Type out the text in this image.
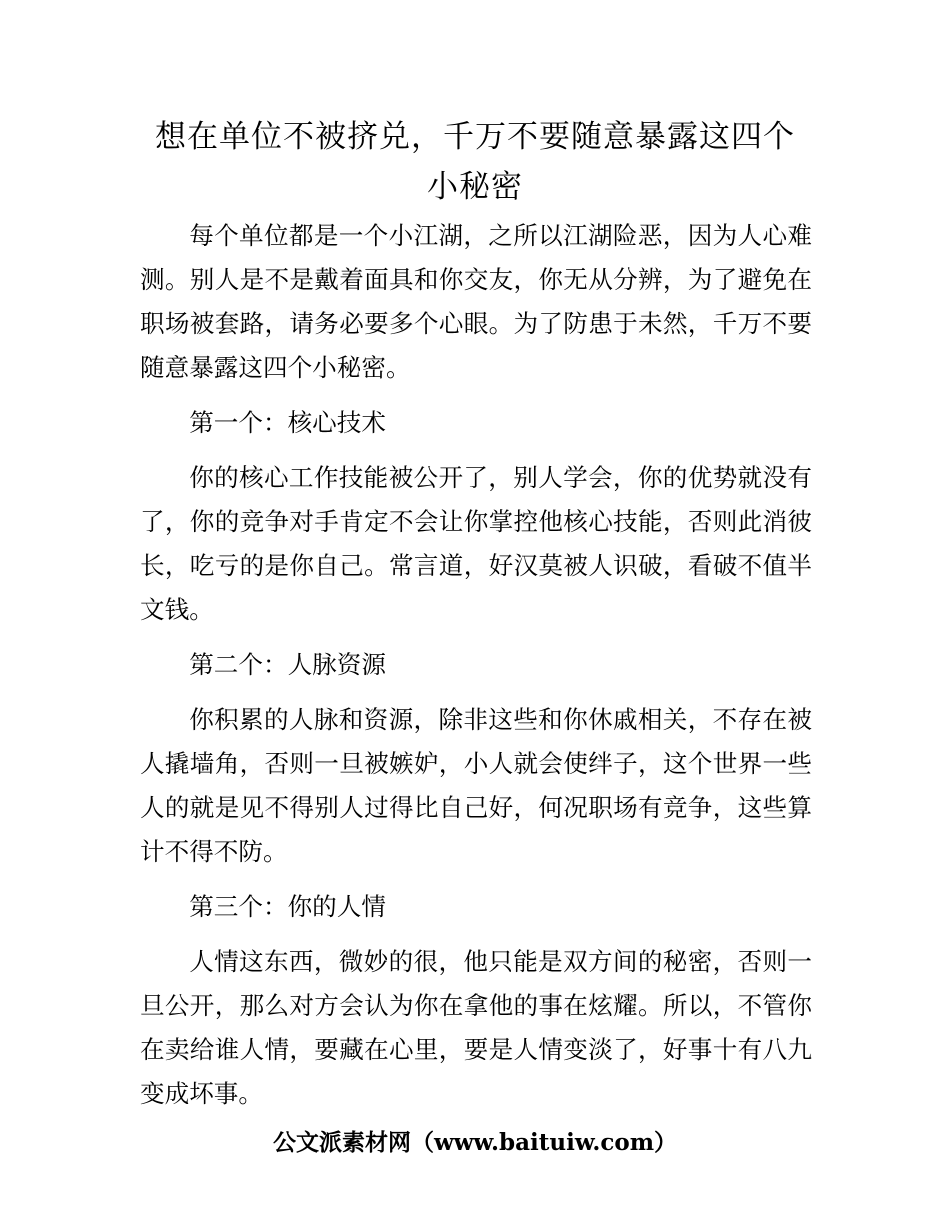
想在单位不被挤兑，千万不要随意暴露这四个小秘密

每个单位都是一个小江湖，之所以江湖险恶，因为人心难测。别人是不是戴着面具和你交友，你无从分辨，为了避免在职场被套路，请务必要多个心眼。为了防患于未然，千万不要随意暴露这四个小秘密。

第一个：核心技术

你的核心工作技能被公开了，别人学会，你的优势就没有了，你的竞争对手肯定不会让你掌控他核心技能，否则此消彼长，吃亏的是你自己。常言道，好汉莫被人识破，看破不值半文钱。

第二个：人脉资源

你积累的人脉和资源，除非这些和你休戚相关，不存在被人撬墙角，否则一旦被嫉妒，小人就会使绊子，这个世界一些人的就是见不得别人过得比自己好，何况职场有竞争，这些算计不得不防。

第三个：你的人情

人情这东西，微妙的很，他只能是双方间的秘密，否则一旦公开，那么对方会认为你在拿他的事在炫耀。所以，不管你在卖给谁人情，要藏在心里，要是人情变淡了，好事十有八九变成坏事。

公文派素材网（www.baituiw.com）
